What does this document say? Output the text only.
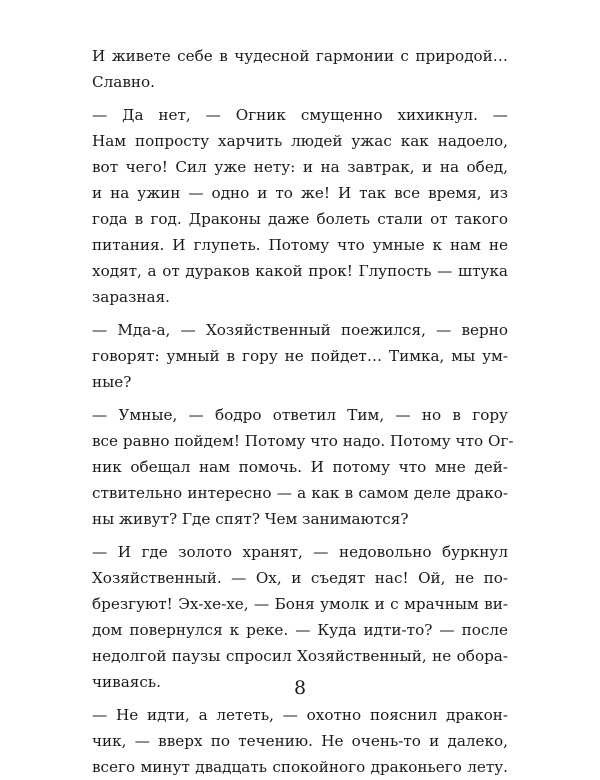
И живете себе в чудесной гармонии с природой…
Славно.
— Да нет, — Огник смущенно хихикнул. —
Нам попросту харчить людей ужас как надоело,
вот чего! Сил уже нету: и на завтрак, и на обед,
и на ужин — одно и то же! И так все время, из
года в год. Драконы даже болеть стали от такого
питания. И глупеть. Потому что умные к нам не
ходят, а от дураков какой прок! Глупость — штука
заразная.
— Мда-а, — Хозяйственный поежился, — верно
говорят: умный в гору не пойдет… Тимка, мы ум-
ные?
— Умные, — бодро ответил Тим, — но в гору
все равно пойдем! Потому что надо. Потому что Ог-
ник обещал нам помочь. И потому что мне дей-
ствительно интересно — а как в самом деле драко-
ны живут? Где спят? Чем занимаются?
— И где золото хранят, — недовольно буркнул
Хозяйственный. — Ох, и съедят нас! Ой, не по-
брезгуют! Эх-хе-хе, — Боня умолк и с мрачным ви-
дом повернулся к реке. — Куда идти-то? — после
недолгой паузы спросил Хозяйственный, не обора-
чиваясь.
— Не идти, а лететь, — охотно пояснил дракон-
чик, — вверх по течению. Не очень-то и далеко,
всего минут двадцать спокойного драконьего лету.
8
